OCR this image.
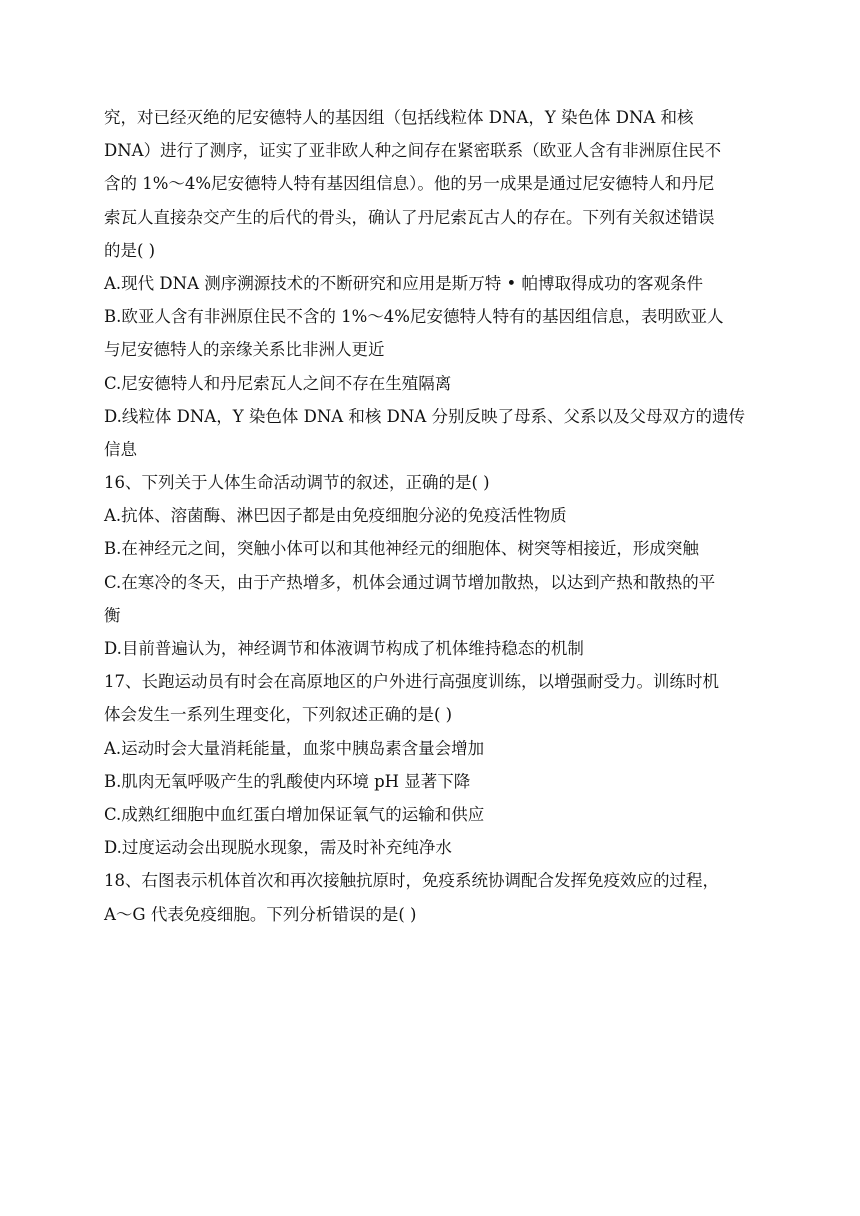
究，对已经灭绝的尼安德特人的基因组（包括线粒体 DNA，Y 染色体 DNA 和核
DNA）进行了测序，证实了亚非欧人种之间存在紧密联系（欧亚人含有非洲原住民不
含的 1%～4%尼安德特人特有基因组信息）。他的另一成果是通过尼安德特人和丹尼
索瓦人直接杂交产生的后代的骨头，确认了丹尼索瓦古人的存在。下列有关叙述错误
的是( )
A.现代 DNA 测序溯源技术的不断研究和应用是斯万特 • 帕博取得成功的客观条件
B.欧亚人含有非洲原住民不含的 1%～4%尼安德特人特有的基因组信息，表明欧亚人
与尼安德特人的亲缘关系比非洲人更近
C.尼安德特人和丹尼索瓦人之间不存在生殖隔离
D.线粒体 DNA，Y 染色体 DNA 和核 DNA 分别反映了母系、父系以及父母双方的遗传
信息
16、下列关于人体生命活动调节的叙述，正确的是( )
A.抗体、溶菌酶、淋巴因子都是由免疫细胞分泌的免疫活性物质
B.在神经元之间，突触小体可以和其他神经元的细胞体、树突等相接近，形成突触
C.在寒冷的冬天，由于产热增多，机体会通过调节增加散热，以达到产热和散热的平
衡
D.目前普遍认为，神经调节和体液调节构成了机体维持稳态的机制
17、长跑运动员有时会在高原地区的户外进行高强度训练，以增强耐受力。训练时机
体会发生一系列生理变化，下列叙述正确的是( )
A.运动时会大量消耗能量，血浆中胰岛素含量会增加
B.肌肉无氧呼吸产生的乳酸使内环境 pH 显著下降
C.成熟红细胞中血红蛋白增加保证氧气的运输和供应
D.过度运动会出现脱水现象，需及时补充纯净水
18、右图表示机体首次和再次接触抗原时，免疫系统协调配合发挥免疫效应的过程，
A～G 代表免疫细胞。下列分析错误的是( )
